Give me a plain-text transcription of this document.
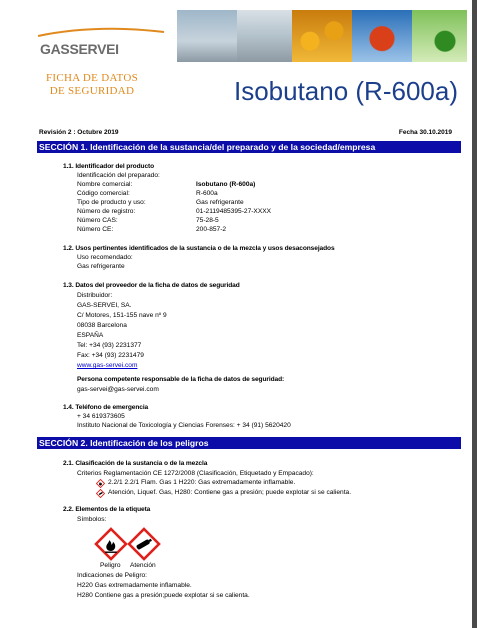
gasservei
FICHA DE DATOS
DE SEGURIDAD	Isobutano (R-600a)
Revisión 2 : Octubre 2019	Fecha 30.10.2019
SECCIÓN 1. Identificación de la sustancia/del preparado y de la sociedad/empresa
1.1. Identificador del producto
Identificación del preparado:
Nombre comercial:	Isobutano (R-600a)
Código comercial:	R-600a
Tipo de producto y uso:	Gas refrigerante
Número de registro:	01-2119485395-27-XXXX
Número CAS:	75-28-5
Número CE:	200-857-2
1.2. Usos pertinentes identificados de la sustancia o de la mezcla y usos desaconsejados
Uso recomendado:
Gas refrigerante
1.3. Datos del proveedor de la ficha de datos de seguridad
Distribuidor:
GAS-SERVEI, SA.
C/ Motores, 151-155 nave nº 9
08038 Barcelona
ESPAÑA
Tel: +34 (93) 2231377
Fax: +34 (93) 2231479
www.gas-servei.com
Persona competente responsable de la ficha de datos de seguridad:
gas-servei@gas-servei.com
1.4. Teléfono de emergencia
+ 34 619373605
Instituto Nacional de Toxicología y Ciencias Forenses: + 34 (91) 5620420
SECCIÓN 2. Identificación de los peligros
2.1. Clasificación de la sustancia o de la mezcla
Criterios Reglamentación CE 1272/2008 (Clasificación, Etiquetado y Empacado):
2.2/1 2.2/1 Flam. Gas 1 H220: Gas extremadamente inflamable.
Atención, Liquef. Gas, H280: Contiene gas a presión; puede explotar si se calienta.
2.2. Elementos de la etiqueta
Símbolos:
Peligro Atención
Indicaciones de Peligro:
H220 Gas extremadamente inflamable.
H280 Contiene gas a presión;puede explotar si se calienta.
